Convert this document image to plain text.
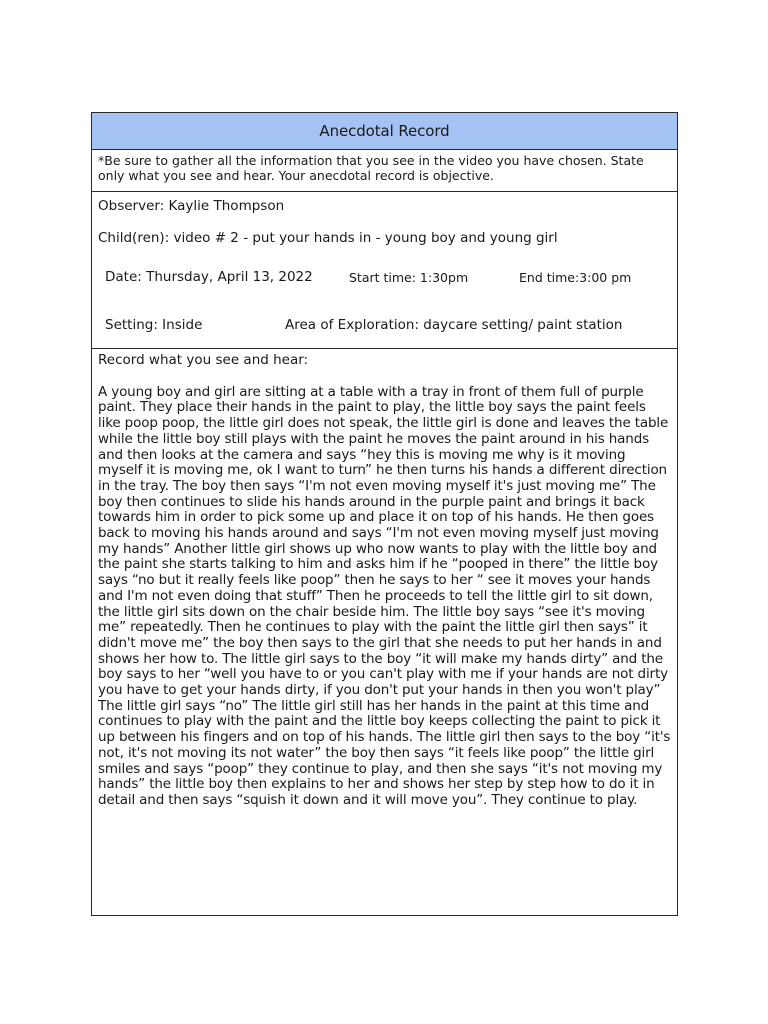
Anecdotal Record
*Be sure to gather all the information that you see in the video you have chosen. State only what you see and hear. Your anecdotal record is objective.
Observer: Kaylie Thompson
Child(ren): video # 2 - put your hands in - young boy and young girl
Date: Thursday, April 13, 2022	Start time: 1:30pm	End time:3:00 pm
Setting: Inside	Area of Exploration: daycare setting/ paint station

Record what you see and hear:

A young boy and girl are sitting at a table with a tray in front of them full of purple paint. They place their hands in the paint to play, the little boy says the paint feels like poop poop, the little girl does not speak, the little girl is done and leaves the table while the little boy still plays with the paint he moves the paint around in his hands and then looks at the camera and says “hey this is moving me why is it moving myself it is moving me, ok I want to turn” he then turns his hands a different direction in the tray. The boy then says “I'm not even moving myself it's just moving me” The boy then continues to slide his hands around in the purple paint and brings it back towards him in order to pick some up and place it on top of his hands. He then goes back to moving his hands around and says “I'm not even moving myself just moving my hands” Another little girl shows up who now wants to play with the little boy and the paint she starts talking to him and asks him if he “pooped in there” the little boy says “no but it really feels like poop” then he says to her “ see it moves your hands and I'm not even doing that stuff” Then he proceeds to tell the little girl to sit down, the little girl sits down on the chair beside him. The little boy says “see it's moving me” repeatedly. Then he continues to play with the paint the little girl then says” it didn't move me” the boy then says to the girl that she needs to put her hands in and shows her how to. The little girl says to the boy “it will make my hands dirty” and the boy says to her “well you have to or you can't play with me if your hands are not dirty you have to get your hands dirty, if you don't put your hands in then you won't play” The little girl says “no” The little girl still has her hands in the paint at this time and continues to play with the paint and the little boy keeps collecting the paint to pick it up between his fingers and on top of his hands. The little girl then says to the boy “it's not, it's not moving its not water” the boy then says “it feels like poop” the little girl smiles and says “poop” they continue to play, and then she says “it's not moving my hands” the little boy then explains to her and shows her step by step how to do it in detail and then says “squish it down and it will move you”. They continue to play.
